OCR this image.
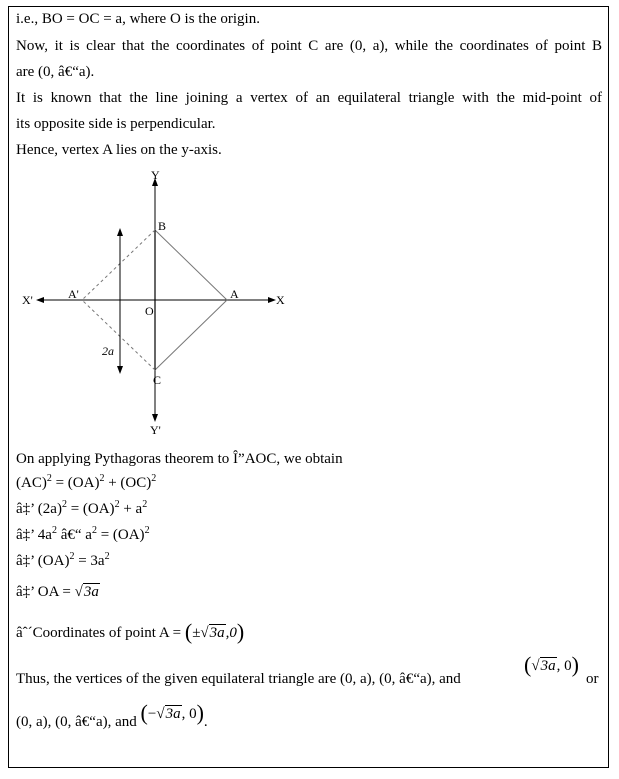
i.e., BO = OC = a, where O is the origin.
Now, it is clear that the coordinates of point C are (0, a), while the coordinates of point B
are (0, â€“a).
It is known that the line joining a vertex of an equilateral triangle with the mid-point of
its opposite side is perpendicular.
Hence, vertex A lies on the y-axis.
Y
Y'
X
X'
O
B
C
A
A'
2a
On applying Pythagoras theorem to Î”AOC, we obtain
(AC)$^2$ = (OA)$^2$ + (OC)$^2$
â‡’ $(2a)^2 = (OA)^2 + a^2$
â‡’ $4a^2$ â€“ $a^2 = (OA)^2$
â‡’ $(OA)^2 = 3a^2$
â‡’ OA = √3a
âˆ´Coordinates of point A = (±√3a,0)
Thus, the vertices of the given equilateral triangle are (0, a), (0, â€“a), and
(√3a, 0)
or
(0, a), (0, â€“a), and (−√3a, 0).
